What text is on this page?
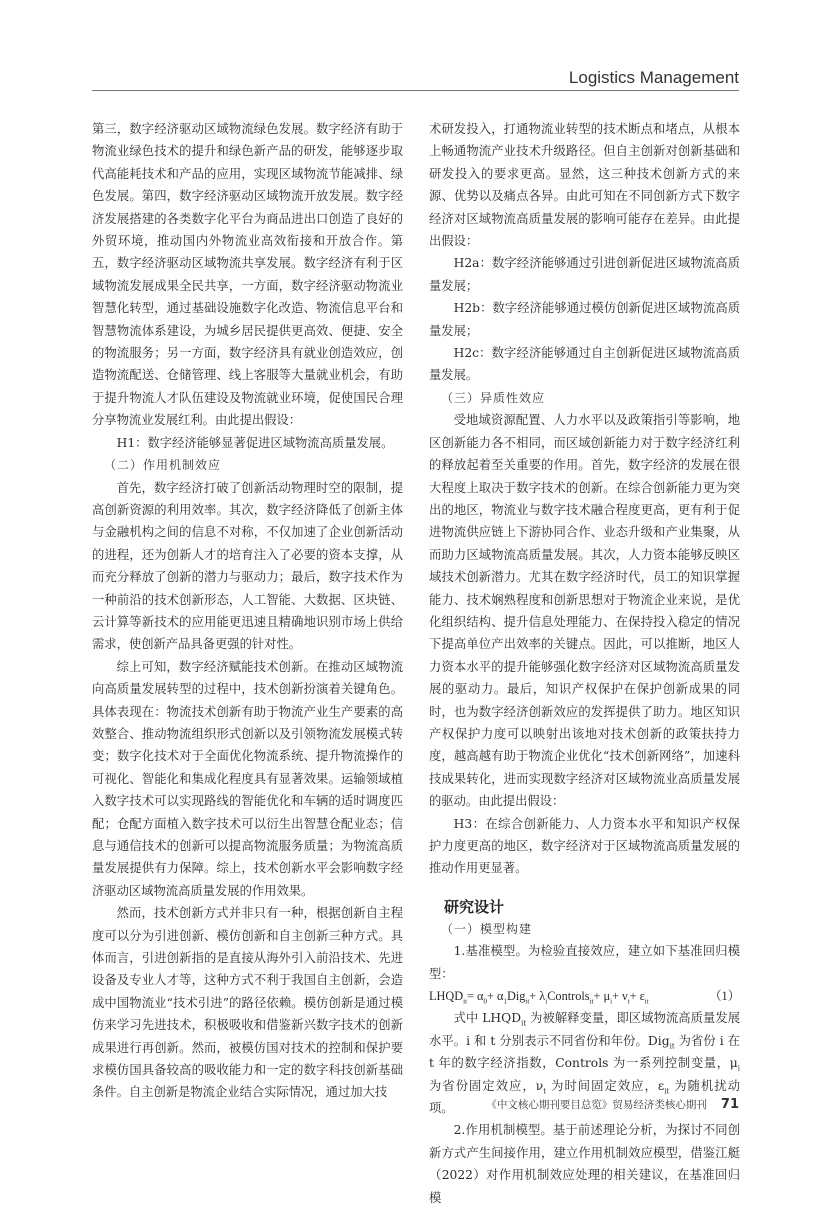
Logistics Management

第三，数字经济驱动区域物流绿色发展。数字经济有助于物流业绿色技术的提升和绿色新产品的研发，能够逐步取代高能耗技术和产品的应用，实现区域物流节能减排、绿色发展。第四，数字经济驱动区域物流开放发展。数字经济发展搭建的各类数字化平台为商品进出口创造了良好的外贸环境，推动国内外物流业高效衔接和开放合作。第五，数字经济驱动区域物流共享发展。数字经济有利于区域物流发展成果全民共享，一方面，数字经济驱动物流业智慧化转型，通过基础设施数字化改造、物流信息平台和智慧物流体系建设，为城乡居民提供更高效、便捷、安全的物流服务；另一方面，数字经济具有就业创造效应，创造物流配送、仓储管理、线上客服等大量就业机会，有助于提升物流人才队伍建设及物流就业环境，促使国民合理分享物流业发展红利。由此提出假设：

H1：数字经济能够显著促进区域物流高质量发展。

（二）作用机制效应

首先，数字经济打破了创新活动物理时空的限制，提高创新资源的利用效率。其次，数字经济降低了创新主体与金融机构之间的信息不对称，不仅加速了企业创新活动的进程，还为创新人才的培育注入了必要的资本支撑，从而充分释放了创新的潜力与驱动力；最后，数字技术作为一种前沿的技术创新形态，人工智能、大数据、区块链、云计算等新技术的应用能更迅速且精确地识别市场上供给需求，使创新产品具备更强的针对性。

综上可知，数字经济赋能技术创新。在推动区域物流向高质量发展转型的过程中，技术创新扮演着关键角色。具体表现在：物流技术创新有助于物流产业生产要素的高效整合、推动物流组织形式创新以及引领物流发展模式转变；数字化技术对于全面优化物流系统、提升物流操作的可视化、智能化和集成化程度具有显著效果。运输领域植入数字技术可以实现路线的智能优化和车辆的适时调度匹配；仓配方面植入数字技术可以衍生出智慧仓配业态；信息与通信技术的创新可以提高物流服务质量；为物流高质量发展提供有力保障。综上，技术创新水平会影响数字经济驱动区域物流高质量发展的作用效果。

然而，技术创新方式并非只有一种，根据创新自主程度可以分为引进创新、模仿创新和自主创新三种方式。具体而言，引进创新指的是直接从海外引入前沿技术、先进设备及专业人才等，这种方式不利于我国自主创新，会造成中国物流业“技术引进”的路径依赖。模仿创新是通过模仿来学习先进技术，积极吸收和借鉴新兴数字技术的创新成果进行再创新。然而，被模仿国对技术的控制和保护要求模仿国具备较高的吸收能力和一定的数字科技创新基础条件。自主创新是物流企业结合实际情况，通过加大技

术研发投入，打通物流业转型的技术断点和堵点，从根本上畅通物流产业技术升级路径。但自主创新对创新基础和研发投入的要求更高。显然，这三种技术创新方式的来源、优势以及痛点各异。由此可知在不同创新方式下数字经济对区域物流高质量发展的影响可能存在差异。由此提出假设：

H2a：数字经济能够通过引进创新促进区域物流高质量发展；

H2b：数字经济能够通过模仿创新促进区域物流高质量发展；

H2c：数字经济能够通过自主创新促进区域物流高质量发展。

（三）异质性效应

受地域资源配置、人力水平以及政策指引等影响，地区创新能力各不相同，而区域创新能力对于数字经济红利的释放起着至关重要的作用。首先，数字经济的发展在很大程度上取决于数字技术的创新。在综合创新能力更为突出的地区，物流业与数字技术融合程度更高，更有利于促进物流供应链上下游协同合作、业态升级和产业集聚，从而助力区域物流高质量发展。其次，人力资本能够反映区域技术创新潜力。尤其在数字经济时代，员工的知识掌握能力、技术娴熟程度和创新思想对于物流企业来说，是优化组织结构、提升信息处理能力、在保持投入稳定的情况下提高单位产出效率的关键点。因此，可以推断，地区人力资本水平的提升能够强化数字经济对区域物流高质量发展的驱动力。最后，知识产权保护在保护创新成果的同时，也为数字经济创新效应的发挥提供了助力。地区知识产权保护力度可以映射出该地对技术创新的政策扶持力度，越高越有助于物流企业优化“技术创新网络”，加速科技成果转化，进而实现数字经济对区域物流业高质量发展的驱动。由此提出假设：

H3：在综合创新能力、人力资本水平和知识产权保护力度更高的地区，数字经济对于区域物流高质量发展的推动作用更显著。

研究设计

（一）模型构建

1.基准模型。为检验直接效应，建立如下基准回归模型：

$LHQD_{it}= \alpha_0+ \alpha_1Dig_{it}+$ $\lambda_iControls_{it}+ \mu_i+ \nu_t+ \varepsilon_{it}$	（1）

式中 $LHQD_{it}$ 为被解释变量，即区域物流高质量发展水平。i 和 t 分别表示不同省份和年份。Dig$_{it}$ 为省份 i 在 t 年的数字经济指数，Controls 为一系列控制变量，$\mu_i$ 为省份固定效应，$\nu_t$ 为时间固定效应，$\varepsilon_{it}$ 为随机扰动项。

2.作用机制模型。基于前述理论分析，为探讨不同创新方式产生间接作用，建立作用机制效应模型，借鉴江艇（2022）对作用机制效应处理的相关建议，在基准回归模

《中文核心期刊要目总览》贸易经济类核心期刊 71
